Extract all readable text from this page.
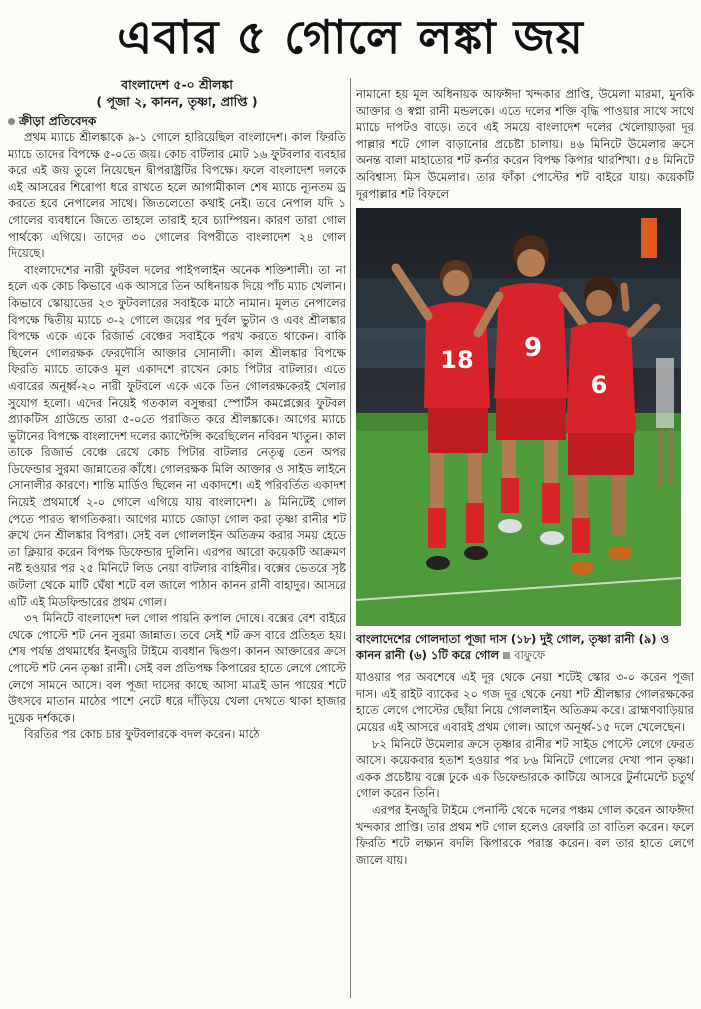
এবার ৫ গোলে লঙ্কা জয়
বাংলাদেশ ৫-০ শ্রীলঙ্কা
( পূজা ২, কানন, তৃষ্ণা, প্রাপ্তি )
ক্রীড়া প্রতিবেদক

প্রথম ম্যাচে শ্রীলঙ্কাকে ৯-১ গোলে হারিয়েছিল বাংলাদেশ। কাল ফিরতি ম্যাচে তাদের বিপক্ষে ৫-০তে জয়। কোচ বাটলার মোট ১৬ ফুটবলার ব্যবহার করে এই জয় তুলে নিয়েছেন দ্বীপরাষ্ট্রটির বিপক্ষে। ফলে বাংলাদেশ দলকে এই আসরের শিরোপা ধরে রাখতে হলে আগামীকাল শেষ ম্যাচে ন্যূনতম ড্র করতে হবে নেপালের সাথে। জিতলেতো কথাই নেই। তবে নেপাল যদি ১ গোলের ব্যবধানে জিতে তাহলে তারাই হবে চ্যাম্পিয়ন। কারণ তারা গোল পার্থক্যে এগিয়ে। তাদের ৩০ গোলের বিপরীতে বাংলাদেশ ২৪ গোল দিয়েছে।

বাংলাদেশের নারী ফুটবল দলের পাইপলাইন অনেক শক্তিশালী। তা না হলে এক কোচ কিভাবে এক আসরে তিন অধিনায়ক দিয়ে পাঁচ ম্যাচ খেলান। কিভাবে স্কোয়াডের ২৩ ফুটবলারের সবাইকে মাঠে নামান। মূলত নেপালের বিপক্ষে দ্বিতীয় ম্যাচে ৩-২ গোলে জয়ের পর দুর্বল ভুটান ও এবং শ্রীলঙ্কার বিপক্ষে একে একে রিজার্ভ বেঞ্চের সবাইকে পরখ করতে থাকেন। বাকি ছিলেন গোলরক্ষক ফেরদৌসি আক্তার সোনালী। কাল শ্রীলঙ্কার বিপক্ষে ফিরতি ম্যাচে তাকেও মূল একাদশে রাখেন কোচ পিটার বাটলার। এতে এবারের অনূর্ধ্ব-২০ নারী ফুটবলে একে একে তিন গোলরক্ষকেরই খেলার সুযোগ হলো। এদের নিয়েই গতকাল বসুন্ধরা স্পোর্টস কমপ্লেক্সের ফুটবল প্র্যাকটিস গ্রাউন্ডে তারা ৫-০তে পরাজিত করে শ্রীলঙ্কাকে। আগের ম্যাচে ভুটানের বিপক্ষে বাংলাদেশ দলের ক্যাপ্টেন্সি করেছিলেন নবিরন খাতুন। কাল তাকে রিজার্ভ বেঞ্চে রেখে কোচ পিটার বাটলার নেতৃত্ব তেন অপর ডিফেন্ডার সুরমা জান্নাতের কাঁধে। গোলরক্ষক মিলি আক্তার ও সাইড লাইনে সোনালীর কারণে। শান্তি মার্ডিও ছিলেন না একাদশে। এই পরিবর্তিত একাদশ নিয়েই প্রথমার্ধে ২-০ গোলে এগিয়ে যায় বাংলাদেশ। ৯ মিনিটেই গোল পেতে পারত স্বাগতিকরা। আগের ম্যাচে জোড়া গোল করা তৃষ্ণা রানীর শট রুখে দেন শ্রীলঙ্কার বিপরা। সেই বল গোললাইন অতিক্রম করার সময় হেডে তা ক্লিয়ার করেন বিপক্ষ ডিফেন্ডার দুলিনি। এরপর আরো কয়েকটি আক্রমণ নষ্ট হওয়ার পর ২৫ মিনিটে লিড নেয়া বাটলার বাহিনীর। বক্সের ভেতরে সৃষ্ট জটলা থেকে মাটি ঘেঁষা শটে বল জালে পাঠান কানন রানী বাহাদুর। আসরে এটি এই মিডফিল্ডারের প্রথম গোল।

৩৭ মিনিটে বাংলাদেশ দল গোল পায়নি কপাল দোষে। বক্সের বেশ বাইরে থেকে পোস্টে শট নেন সুরমা জান্নাত। তবে সেই শট ক্রস বারে প্রতিহত হয়। শেষ পর্যন্ত প্রথমার্ধের ইনজুরি টাইমে ব্যবধান দ্বিগুণ। কানন আক্তারের ক্রসে পোস্টে শট নেন তৃষ্ণা রানী। সেই বল প্রতিপক্ষ কিপারের হাতে লেগে পোস্টে লেগে সামনে আসে। বল পূজা দাসের কাছে আসা মাত্রই ডান পায়ের শটে উৎসবে মাতান মাঠের পাশে নেটে ধরে দাঁড়িয়ে খেলা দেখতে থাকা হাজার দুয়েক দর্শককে।

বিরতির পর কোচ চার ফুটবলারকে বদল করেন। মাঠে

নামানো হয় মূল অধিনায়ক আফঈদা খন্দকার প্রাপ্তি, উমেলা মারমা, মুনকি আক্তার ও স্বপ্না রানী মন্ডলকে। এতে দলের শক্তি বৃদ্ধি পাওয়ার সাথে সাথে ম্যাচে দাপটও বাড়ে। তবে এই সময়ে বাংলাদেশ দলের খেলোয়াড়রা দূর পাল্লার শটে গোল বাড়ানোর প্রচেষ্টা চালায়। ৪৬ মিনিটে উমেলার ক্রসে অনন্ত বালা মাহাতোর শট কর্নার করেন বিপক্ষ কিপার থারশিখা। ৫৪ মিনিটে অবিশ্বাস্য মিস উমেলার। তার ফাঁকা পোস্টের শট বাইরে যায়। কয়েকটি দূরপাল্লার শট বিফলে

18 9
6
বাংলাদেশের গোলদাতা পূজা দাস (১৮) দুই গোল, তৃষ্ণা রানী (৯) ও কানন রানী (৬) ১টি করে গোল বাফুফে

যাওয়ার পর অবশেষে এই দূর থেকে নেয়া শটেই স্কোর ৩-০ করেন পূজা দাস। এই রাইট ব্যাকের ২০ গজ দূর থেকে নেয়া শট শ্রীলঙ্কার গোলরক্ষকের হাতে লেগে পোস্টের ছোঁয়া নিয়ে গোললাইন অতিক্রম করে। ব্রাহ্মণবাড়িয়ার মেয়ের এই আসরে এবারই প্রথম গোল। আগে অনূর্ধ্ব-১৫ দলে খেলেছেন।

৮২ মিনিটে উমেলার ক্রসে তৃষ্ণার রানীর শট সাইড পোস্টে লেগে ফেরত আসে। কয়েকবার হতাশ হওয়ার পর ৮৬ মিনিটে গোলের দেখা পান তৃষ্ণা। একক প্রচেষ্টায় বক্সে ঢুকে এক ডিফেন্ডারকে কাটিয়ে আসরে টুর্নামেন্টে চতুর্থ গোল করেন তিনি।

এরপর ইনজুরি টাইমে পেনাল্টি থেকে দলের পঞ্চম গোল করেন আফঈদা খন্দকার প্রাপ্তি। তার প্রথম শট গোল হলেও রেফারি তা বাতিল করেন। ফলে ফিরতি শটে লক্ষ্যন বদলি কিপারকে পরাস্ত করেন। বল তার হাতে লেগে জালে যায়।
